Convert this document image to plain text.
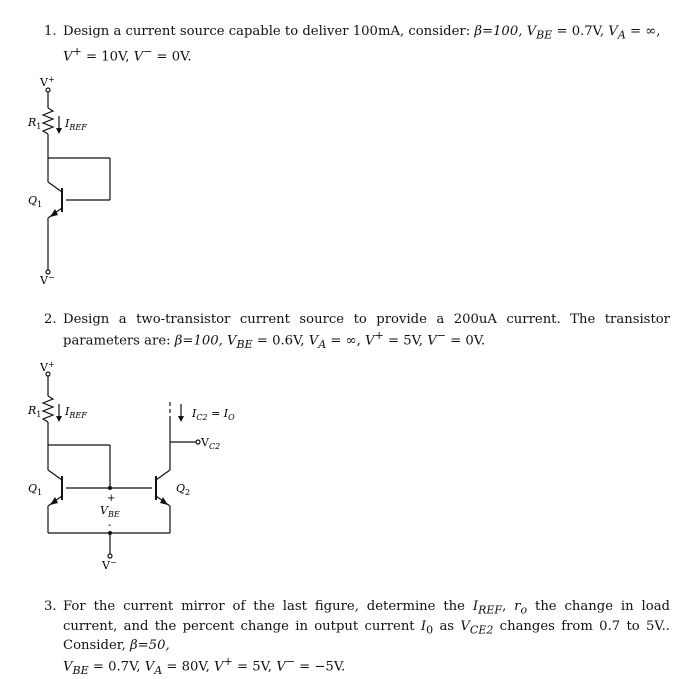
1. Design a current source capable to deliver 100mA, consider: β=100, $V_{BE} = 0.7V$, $V_A$ = ∞,
V+ = 10V, V− = 0V.
V+
$R_1$ $I_{REF}$
$Q_1$
V−
2. Design a two-transistor current source to provide a 200uA current. The transistor parameters are: β=100, $V_{BE} = 0.6V$, $V_A$ = ∞, V+ = 5V, V− = 0V.
V+
$R_1$ $I_{REF}$	$I_{C2} = I_O$
$V_{C2}$
$Q_1$	$Q_2$
+
$V_{BE}$
-
V−
3. For the current mirror of the last figure, determine the $I_{REF}$, $r_o$ the change in load current, and the percent change in output current $I_0$ as $V_{CE2}$ changes from 0.7 to 5V.. Consider, β=50,
$V_{BE} = 0.7V$, $V_A = 80V$, V+ = 5V, V− = −5V.
